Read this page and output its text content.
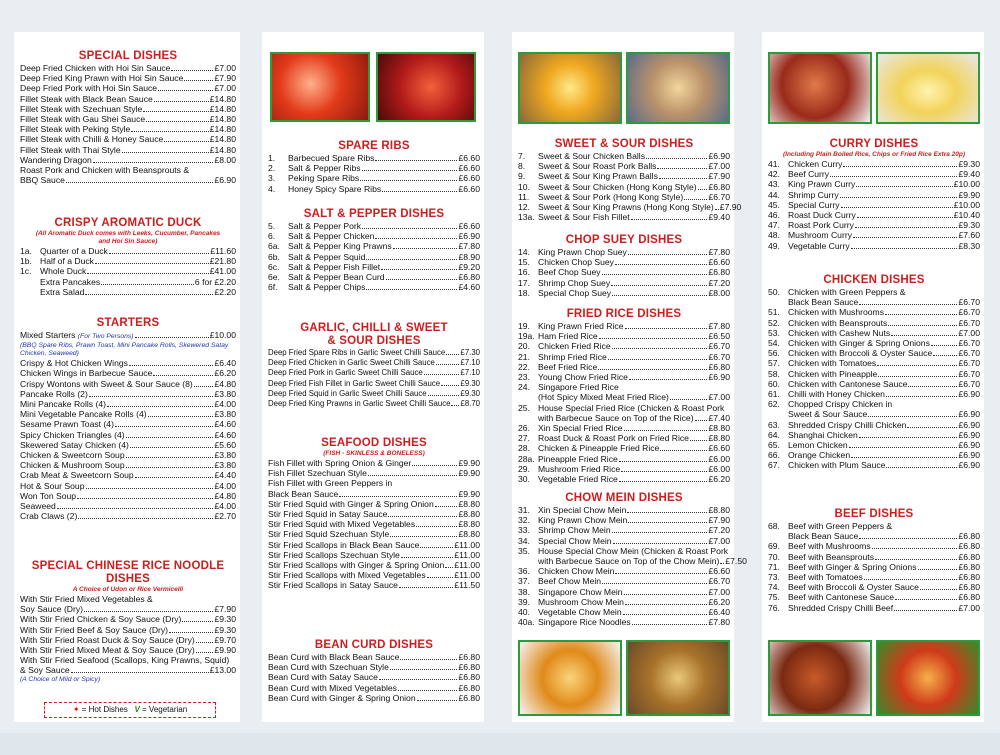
SPECIAL DISHES
Deep Fried Chicken with Hoi Sin Sauce	£7.00
Deep Fried King Prawn with Hoi Sin Sauce	£7.90
Deep Fried Pork with Hoi Sin Sauce	£7.00
Fillet Steak with Black Bean Sauce	£14.80
Fillet Steak with Szechuan Style	£14.80
Fillet Steak with Gau Shei Sauce	£14.80
Fillet Steak with Peking Style	£14.80
Fillet Steak with Chilli & Honey Sauce	£14.80
Fillet Steak with Thai Style	£14.80
Wandering Dragon	£8.00
Roast Pork and Chicken with Beansprouts &
BBQ Sauce	£6.90
CRISPY AROMATIC DUCK
(All Aromatic Duck comes with Leeks, Cucumber, Pancakes and Hoi Sin Sauce)
1a. Quarter of a Duck	£11.60
1b. Half of a Duck	£21.80
1c. Whole Duck	£41.00
Extra Pancakes	6 for £2.20
Extra Salad	£2.20
STARTERS
Mixed Starters
(For Two Persons)	£10.00
(BBQ Spare Ribs, Prawn Toast, Mini Pancake Rolls, Skewered Satay Chicken, Seaweed)
Crispy & Hot Chicken Wings	£6.40
Chicken Wings in Barbecue Sauce	£6.20
Crispy Wontons with Sweet & Sour Sauce (8)	£4.80
Pancake Rolls (2)	£3.80
Mini Pancake Rolls (4)	£4.00
Mini Vegetable Pancake Rolls (4)	£3.80
Sesame Prawn Toast (4)	£4.60
Spicy Chicken Triangles (4)	£4.60
Skewered Satay Chicken (4)	£5.60
Chicken & Sweetcorn Soup	£3.80
Chicken & Mushroom Soup	£3.80
Crab Meat & Sweetcorn Soup	£4.40
Hot & Sour Soup	£4.00
Won Ton Soup	£4.80
Seaweed	£4.00
Crab Claws (2)	£2.70
SPECIAL CHINESE RICE NOODLE DISHES
A Choice of Udon or Rice Vermicelli
With Stir Fried Mixed Vegetables &
Soy Sauce (Dry)	£7.90
With Stir Fried Chicken & Soy Sauce (Dry)	£9.30
With Stir Fried Beef & Soy Sauce (Dry)	£9.30
With Stir Fried Roast Duck & Soy Sauce (Dry) £9.70
With Stir Fried Mixed Meat & Soy Sauce (Dry) £9.90
With Stir Fried Seafood (Scallops, King Prawns, Squid)
& Soy Sauce	£13.00
(A Choice of Mild or Spicy)
✦ = Hot Dishes V = Vegetarian
SPARE RIBS
1.	Barbecued Spare Ribs	£6.60
2.	Salt & Pepper Ribs	£6.60
3.	Peking Spare Ribs	£6.60
4.	Honey Spicy Spare Ribs	£6.60
SALT & PEPPER DISHES
5.	Salt & Pepper Pork	£6.60
6.	Salt & Pepper Chicken	£6.90
6a. Salt & Pepper King Prawns	£7.80
6b. Salt & Pepper Squid	£8.90
6c. Salt & Pepper Fish Fillet	£9.20
6e. Salt & Pepper Bean Curd	£6.80
6f.	Salt & Pepper Chips	£4.60
GARLIC, CHILLI & SWEET & SOUR DISHES
Deep Fried Spare Ribs in Garlic Sweet Chilli Sauce £7.30
Deep Fried Chicken in Garlic Sweet Chilli Sauce	£7.10
Deep Fried Pork in Garlic Sweet Chilli Sauce	£7.10
Deep Fried Fish Fillet in Garlic Sweet Chilli Sauce	£9.30
Deep Fried Squid in Garlic Sweet Chilli Sauce	£9.30
Deep Fried King Prawns in Garlic Sweet Chilli Sauce £8.70
SEAFOOD DISHES
(FISH - SKINLESS & BONELESS)
Fish Fillet with Spring Onion & Ginger	£9.90
Fish Fillet Szechuan Style	£9.90
Fish Fillet with Green Peppers in
Black Bean Sauce	£9.90
Stir Fried Squid with Ginger & Spring Onion	£8.80
Stir Fried Squid in Satay Sauce	£8.80
Stir Fried Squid with Mixed Vegetables	£8.80
Stir Fried Squid Szechuan Style	£8.80
Stir Fried Scallops in Black Bean Sauce	£11.00
Stir Fried Scallops Szechuan Style	£11.00
Stir Fried Scallops with Ginger & Spring Onion £11.00
Stir Fried Scallops with Mixed Vegetables	£11.00
Stir Fried Scallops in Satay Sauce	£11.50
BEAN CURD DISHES
Bean Curd with Black Bean Sauce	£6.80
Bean Curd with Szechuan Style	£6.80
Bean Curd with Satay Sauce	£6.80
Bean Curd with Mixed Vegetables	£6.80
Bean Curd with Ginger & Spring Onion	£6.80
SWEET & SOUR DISHES
7.	Sweet & Sour Chicken Balls	£6.90
8.	Sweet & Sour Roast Pork Balls	£7.00
9.	Sweet & Sour King Prawn Balls	£7.90
10. Sweet & Sour Chicken (Hong Kong Style) £6.80
11.	Sweet & Sour Pork (Hong Kong Style)	£6.70
12. Sweet & Sour King Prawns (Hong Kong Style) £7.90
13a. Sweet & Sour Fish Fillet	£9.40
CHOP SUEY DISHES
14. King Prawn Chop Suey	£7.80
15. Chicken Chop Suey	£6.60
16. Beef Chop Suey	£6.80
17. Shrimp Chop Suey	£7.20
18. Special Chop Suey	£8.00
FRIED RICE DISHES
19. King Prawn Fried Rice	£7.80
19a. Ham Fried Rice	£6.50
20. Chicken Fried Rice	£6.70
21. Shrimp Fried Rice	£6.70
22. Beef Fried Rice	£6.80
23. Young Chow Fried Rice	£6.90
24. Singapore Fried Rice
(Hot Spicy Mixed Meat Fried Rice)	£7.00
25. House Special Fried Rice (Chicken & Roast Pork
with Barbecue Sauce on Top of the Rice) £7.40
26. Xin Special Fried Rice	£8.80
27. Roast Duck & Roast Pork on Fried Rice £8.80
28. Chicken & Pineapple Fried Rice	£6.60
28a. Pineapple Fried Rice	£6.00
29. Mushroom Fried Rice	£6.00
30. Vegetable Fried Rice	£6.20
CHOW MEIN DISHES
31. Xin Special Chow Mein	£8.80
32. King Prawn Chow Mein	£7.90
33. Shrimp Chow Mein	£7.20
34. Special Chow Mein	£7.00
35. House Special Chow Mein (Chicken & Roast Pork
with Barbecue Sauce on Top of the Chow Mein) £7.50
36. Chicken Chow Mein	£6.60
37. Beef Chow Mein	£6.70
38. Singapore Chow Mein	£7.00
39. Mushroom Chow Mein	£6.20
40. Vegetable Chow Mein	£6.40
40a. Singapore Rice Noodles	£7.80
CURRY DISHES
(Including Plain Boiled Rice, Chips or Fried Rice Extra 20p)
41. Chicken Curry	£9.30
42. Beef Curry	£9.40
43. King Prawn Curry	£10.00
44. Shrimp Curry	£9.90
45. Special Curry	£10.00
46. Roast Duck Curry	£10.40
47. Roast Pork Curry	£9.30
48. Mushroom Curry	£7.60
49. Vegetable Curry	£8.30
CHICKEN DISHES
50. Chicken with Green Peppers &
Black Bean Sauce	£6.70
51. Chicken with Mushrooms	£6.70
52. Chicken with Beansprouts	£6.70
53. Chicken with Cashew Nuts	£7.00
54. Chicken with Ginger & Spring Onions	£6.70
56. Chicken with Broccoli & Oyster Sauce	£6.70
57. Chicken with Tomatoes	£6.70
58. Chicken with Pineapple	£6.70
60. Chicken with Cantonese Sauce	£6.70
61. Chilli with Honey Chicken	£6.90
62. Chopped Crispy Chicken in
Sweet & Sour Sauce	£6.90
63. Shredded Crispy Chilli Chicken	£6.90
64. Shanghai Chicken	£6.90
65. Lemon Chicken	£6.90
66. Orange Chicken	£6.90
67. Chicken with Plum Sauce	£6.90
BEEF DISHES
68. Beef with Green Peppers &
Black Bean Sauce	£6.80
69. Beef with Mushrooms	£6.80
70. Beef with Beansprouts	£6.80
71. Beef with Ginger & Spring Onions	£6.80
73. Beef with Tomatoes	£6.80
74. Beef with Broccoli & Oyster Sauce	£6.80
75. Beef with Cantonese Sauce	£6.80
76. Shredded Crispy Chilli Beef	£7.00
